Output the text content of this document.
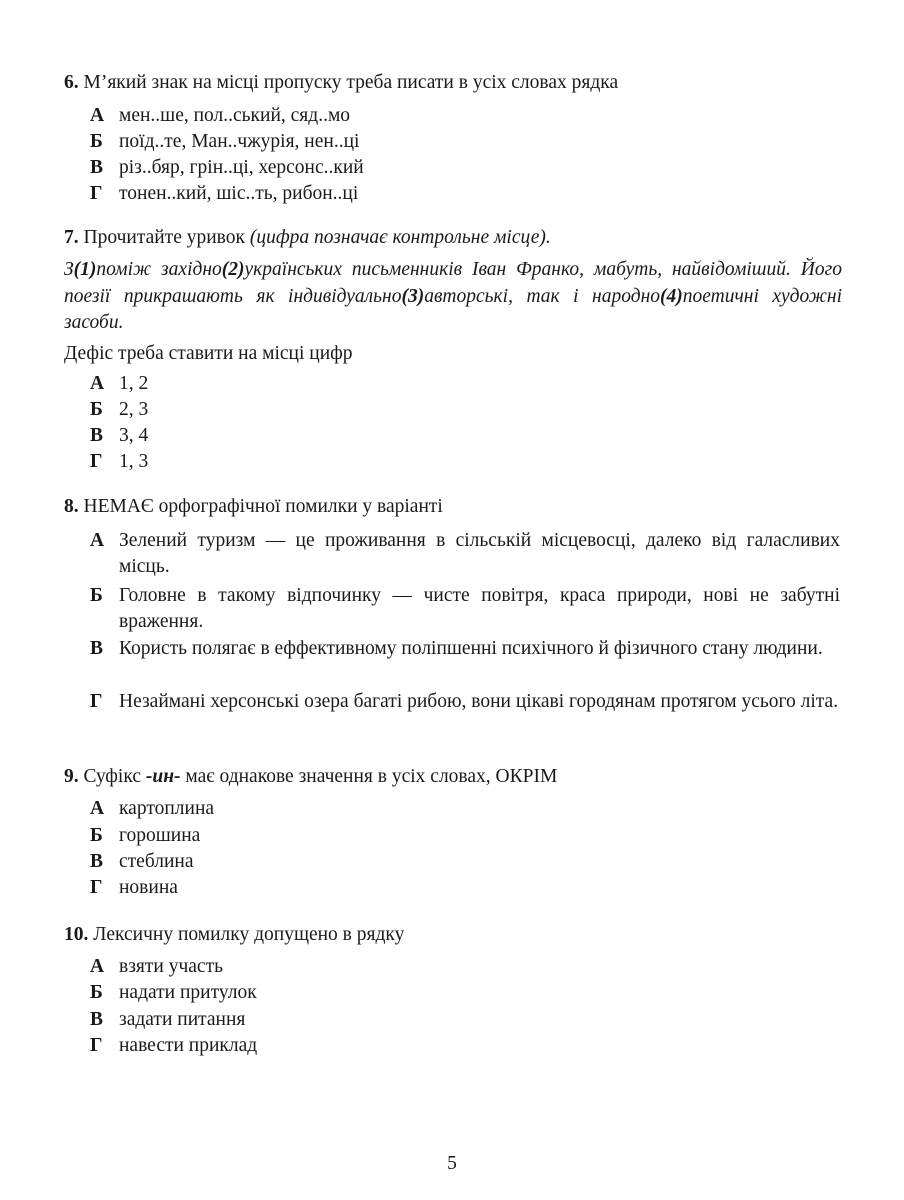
6. М’який знак на місці пропуску треба писати в усіх словах рядка
А мен..ше, пол..ський, сяд..мо
Б поїд..те, Ман..чжурія, нен..ці
В різ..бяр, грін..ці, херсонс..кий
Г тонен..кий, шіс..ть, рибон..ці
7. Прочитайте уривок (цифра позначає контрольне місце).
З(1)поміж західно(2)українських письменників Іван Франко, мабуть, найвідоміший. Його поезії прикрашають як індивідуально(3)авторські, так і народно(4)поетичні художні засоби.
Дефіс треба ставити на місці цифр
А 1, 2
Б 2, 3
В 3, 4
Г 1, 3
8. НЕМАЄ орфографічної помилки у варіанті
А Зелений туризм — це проживання в сільській місцевосці, далеко від галасливих місць.
Б Головне в такому відпочинку — чисте повітря, краса природи, нові не забутні враження.
В Користь полягає в еффективному поліпшенні психічного й фізичного стану людини.
Г Незаймані херсонські озера багаті рибою, вони цікаві городянам протягом усього літа.
9. Суфікс -ин- має однакове значення в усіх словах, ОКРІМ
А картоплина
Б горошина
В стеблина
Г новина
10. Лексичну помилку допущено в рядку
А взяти участь
Б надати притулок
В задати питання
Г навести приклад
5
